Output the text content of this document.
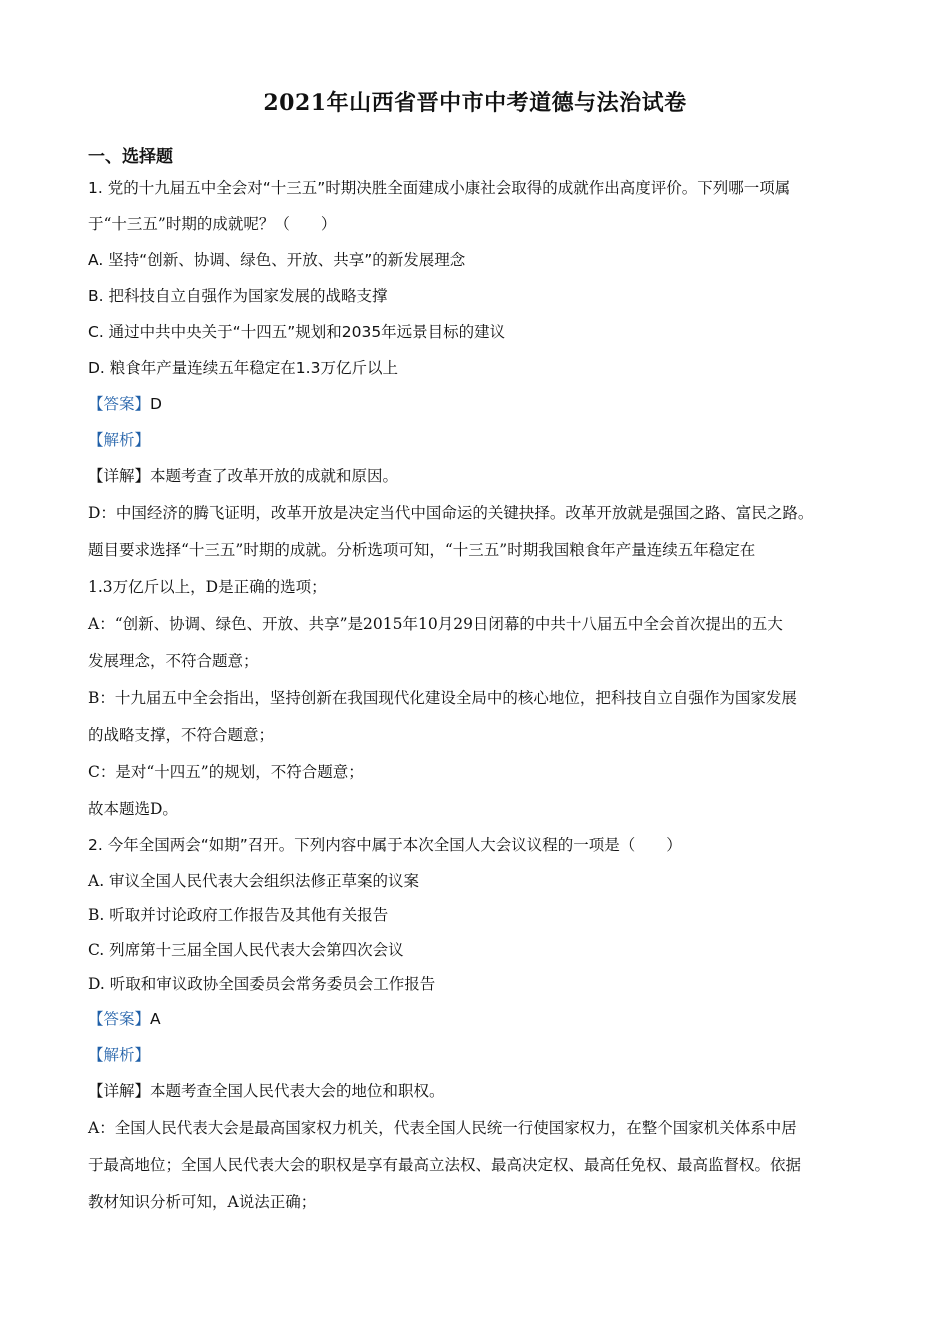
2021年山西省晋中市中考道德与法治试卷
一、选择题
1. 党的十九届五中全会对“十三五”时期决胜全面建成小康社会取得的成就作出高度评价。下列哪一项属
于“十三五”时期的成就呢？（　　）
A. 坚持“创新、协调、绿色、开放、共享”的新发展理念
B. 把科技自立自强作为国家发展的战略支撑
C. 通过中共中央关于“十四五”规划和2035年远景目标的建议
D. 粮食年产量连续五年稳定在1.3万亿斤以上
【答案】D
【解析】
【详解】本题考查了改革开放的成就和原因。
D：中国经济的腾飞证明，改革开放是决定当代中国命运的关键抉择。改革开放就是强国之路、富民之路。
题目要求选择“十三五”时期的成就。分析选项可知，“十三五”时期我国粮食年产量连续五年稳定在
1.3万亿斤以上，D是正确的选项；
A：“创新、协调、绿色、开放、共享”是2015年10月29日闭幕的中共十八届五中全会首次提出的五大
发展理念，不符合题意；
B：十九届五中全会指出，坚持创新在我国现代化建设全局中的核心地位，把科技自立自强作为国家发展
的战略支撑，不符合题意；
C：是对“十四五”的规划，不符合题意；
故本题选D。
2. 今年全国两会“如期”召开。下列内容中属于本次全国人大会议议程的一项是（　　）
A. 审议全国人民代表大会组织法修正草案的议案
B. 听取并讨论政府工作报告及其他有关报告
C. 列席第十三届全国人民代表大会第四次会议
D. 听取和审议政协全国委员会常务委员会工作报告
【答案】A
【解析】
【详解】本题考查全国人民代表大会的地位和职权。
A：全国人民代表大会是最高国家权力机关，代表全国人民统一行使国家权力，在整个国家机关体系中居
于最高地位；全国人民代表大会的职权是享有最高立法权、最高决定权、最高任免权、最高监督权。依据
教材知识分析可知，A说法正确；
